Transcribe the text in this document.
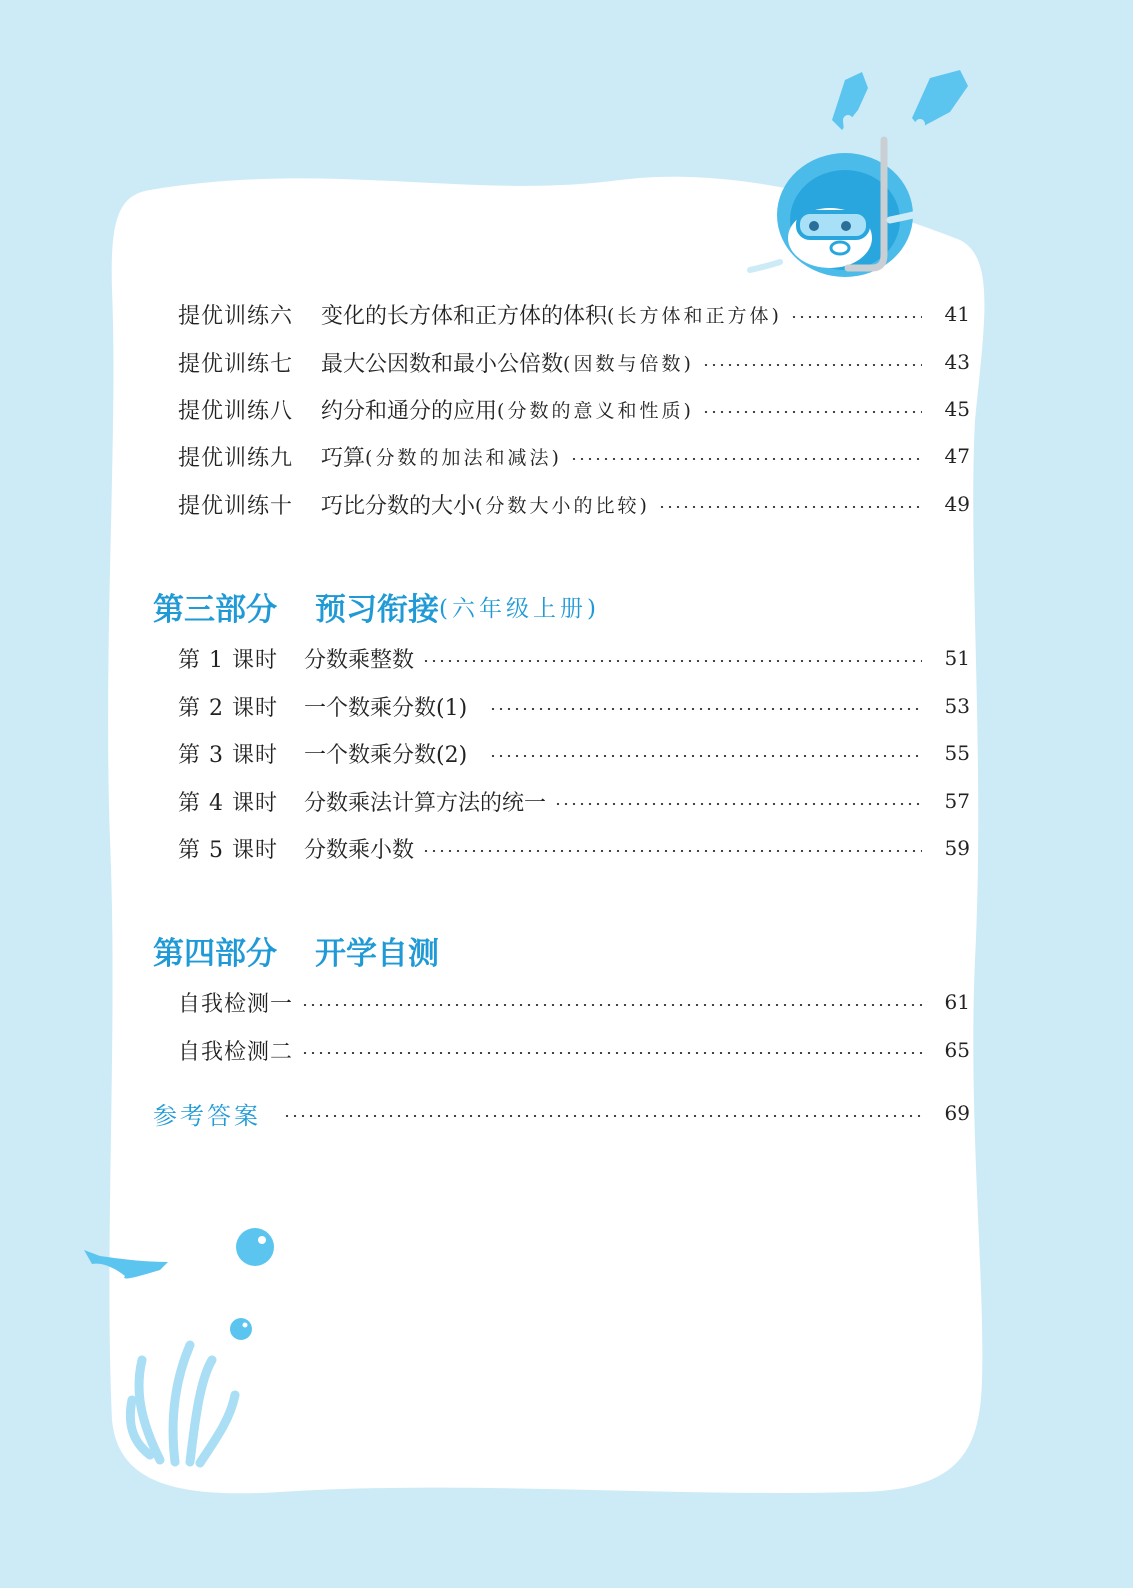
提优训练六 变化的长方体和正方体的体积 (长方体和正方体)	41
提优训练七 最大公因数和最小公倍数 (因数与倍数)	43
提优训练八 约分和通分的应用 (分数的意义和性质)	45
提优训练九 巧算 (分数的加法和减法)	47
提优训练十 巧比分数的大小 (分数大小的比较)	49
第三部分 预习衔接 (六年级上册)
第 1 课时 分数乘整数	51
第 2 课时 一个数乘分数(1)	53
第 3 课时 一个数乘分数(2)	55
第 4 课时 分数乘法计算方法的统一	57
第 5 课时 分数乘小数	59
第四部分 开学自测
自我检测一	61
自我检测二	65
参考答案	69
